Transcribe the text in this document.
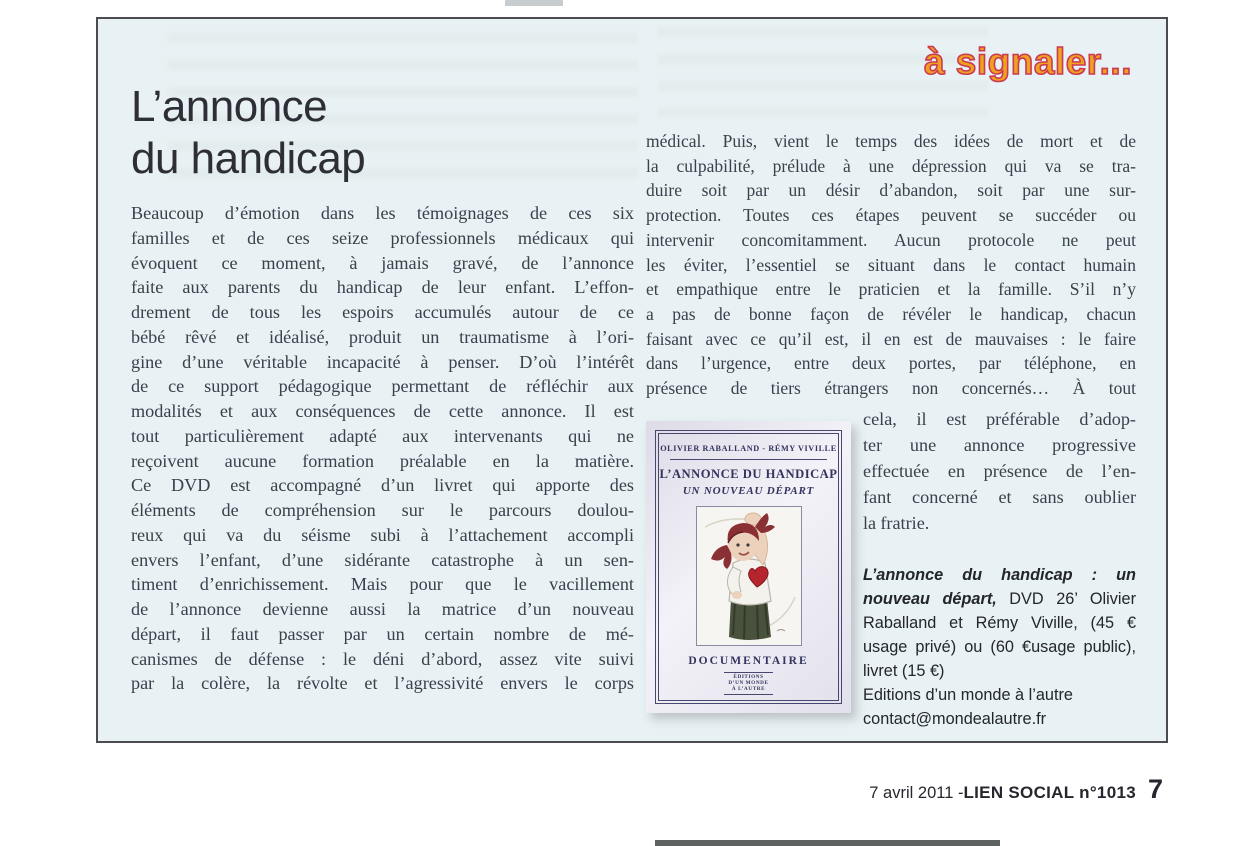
à signaler...
L’annonce
du handicap
Beaucoup d’émotion dans les témoignages de ces six
familles et de ces seize professionnels médicaux qui
évoquent ce moment, à jamais gravé, de l’annonce
faite aux parents du handicap de leur enfant. L’effon-
drement de tous les espoirs accumulés autour de ce
bébé rêvé et idéalisé, produit un traumatisme à l’ori-
gine d’une véritable incapacité à penser. D’où l’intérêt
de ce support pédagogique permettant de réfléchir aux
modalités et aux conséquences de cette annonce. Il est
tout particulièrement adapté aux intervenants qui ne
reçoivent aucune formation préalable en la matière.
Ce DVD est accompagné d’un livret qui apporte des
éléments de compréhension sur le parcours doulou-
reux qui va du séisme subi à l’attachement accompli
envers l’enfant, d’une sidérante catastrophe à un sen-
timent d’enrichissement. Mais pour que le vacillement
de l’annonce devienne aussi la matrice d’un nouveau
départ, il faut passer par un certain nombre de mé-
canismes de défense : le déni d’abord, assez vite suivi
par la colère, la révolte et l’agressivité envers le corps
médical. Puis, vient le temps des idées de mort et de
la culpabilité, prélude à une dépression qui va se tra-
duire soit par un désir d’abandon, soit par une sur-
protection. Toutes ces étapes peuvent se succéder ou
intervenir concomitamment. Aucun protocole ne peut
les éviter, l’essentiel se situant dans le contact humain
et empathique entre le praticien et la famille. S’il n’y
a pas de bonne façon de révéler le handicap, chacun
faisant avec ce qu’il est, il en est de mauvaises : le faire
dans l’urgence, entre deux portes, par téléphone, en
présence de tiers étrangers non concernés… À tout
OLIVIER RABALLAND - RÉMY VIVILLE
L’ANNONCE DU HANDICAP
UN NOUVEAU DÉPART
DOCUMENTAIRE
ÉDITIONS
D’UN MONDE
À L’AUTRE
cela, il est préférable d’adop-
ter une annonce progressive
effectuée en présence de l’en-
fant concerné et sans oublier
la fratrie.

L’annonce du handicap : un nouveau départ, DVD 26’ Olivier Raballand et Rémy Viville, (45 € usage privé) ou (60 €usage public), livret (15 €)

Editions d’un monde à l’autre
contact@mondealautre.fr
7 avril 2011 - LIEN SOCIAL n°1013 7
